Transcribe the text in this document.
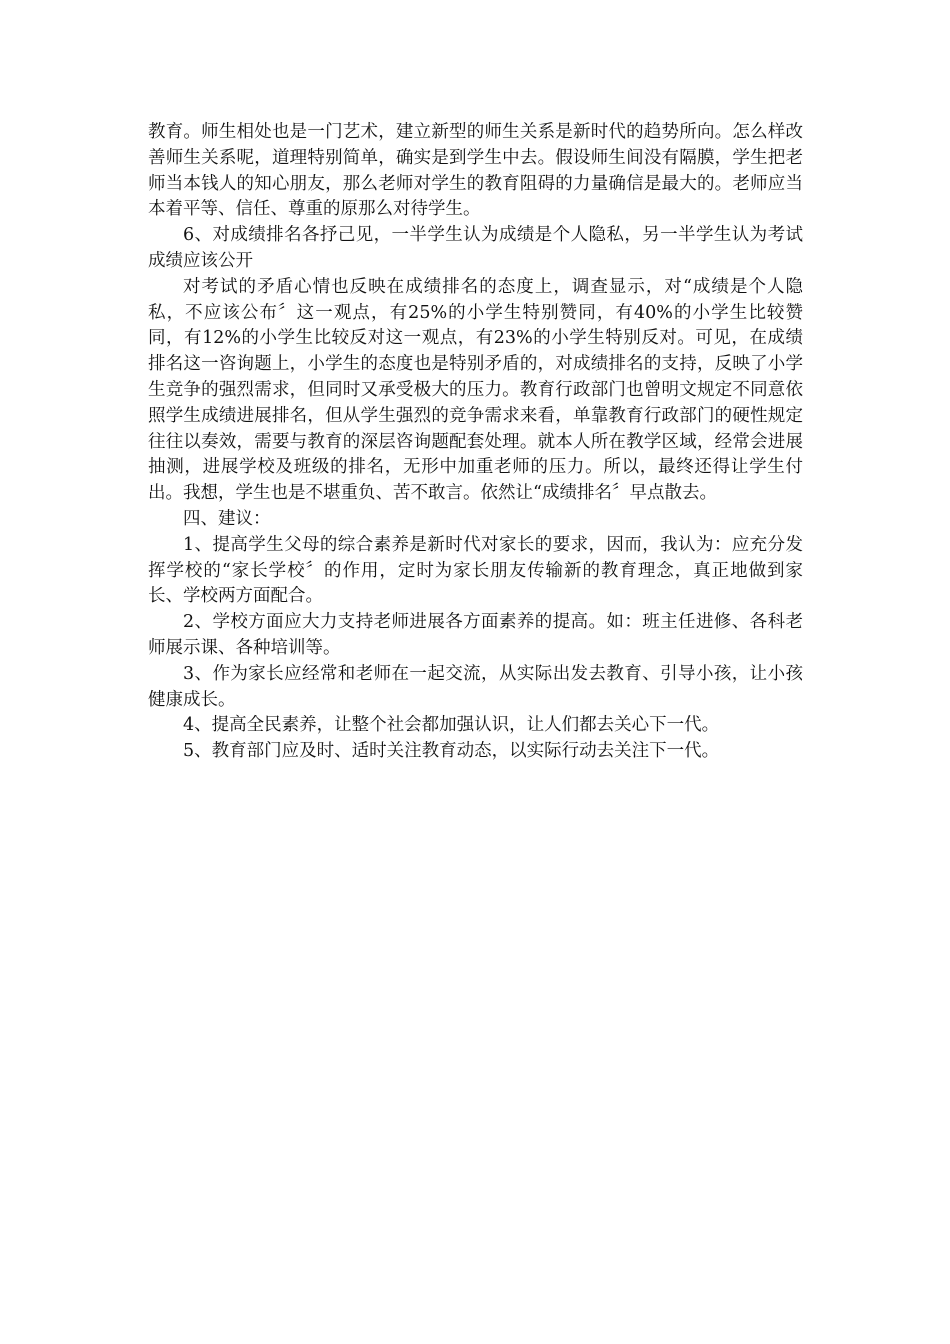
教育。师生相处也是一门艺术，建立新型的师生关系是新时代的趋势所向。怎么样改善师生关系呢，道理特别简单，确实是到学生中去。假设师生间没有隔膜，学生把老师当本钱人的知心朋友，那么老师对学生的教育阻碍的力量确信是最大的。老师应当本着平等、信任、尊重的原那么对待学生。

6、对成绩排名各抒己见，一半学生认为成绩是个人隐私，另一半学生认为考试成绩应该公开

对考试的矛盾心情也反映在成绩排名的态度上，调查显示，对“成绩是个人隐私，不应该公布〞这一观点，有25%的小学生特别赞同，有40%的小学生比较赞同，有12%的小学生比较反对这一观点，有23%的小学生特别反对。可见，在成绩排名这一咨询题上，小学生的态度也是特别矛盾的，对成绩排名的支持，反映了小学生竞争的强烈需求，但同时又承受极大的压力。教育行政部门也曾明文规定不同意依照学生成绩进展排名，但从学生强烈的竞争需求来看，单靠教育行政部门的硬性规定往往以奏效，需要与教育的深层咨询题配套处理。就本人所在教学区域，经常会进展抽测，进展学校及班级的排名，无形中加重老师的压力。所以，最终还得让学生付出。我想，学生也是不堪重负、苦不敢言。依然让“成绩排名〞早点散去。

四、建议：

1、提高学生父母的综合素养是新时代对家长的要求，因而，我认为：应充分发挥学校的“家长学校〞的作用，定时为家长朋友传输新的教育理念，真正地做到家长、学校两方面配合。

2、学校方面应大力支持老师进展各方面素养的提高。如：班主任进修、各科老师展示课、各种培训等。

3、作为家长应经常和老师在一起交流，从实际出发去教育、引导小孩，让小孩健康成长。

4、提高全民素养，让整个社会都加强认识，让人们都去关心下一代。

5、教育部门应及时、适时关注教育动态，以实际行动去关注下一代。
